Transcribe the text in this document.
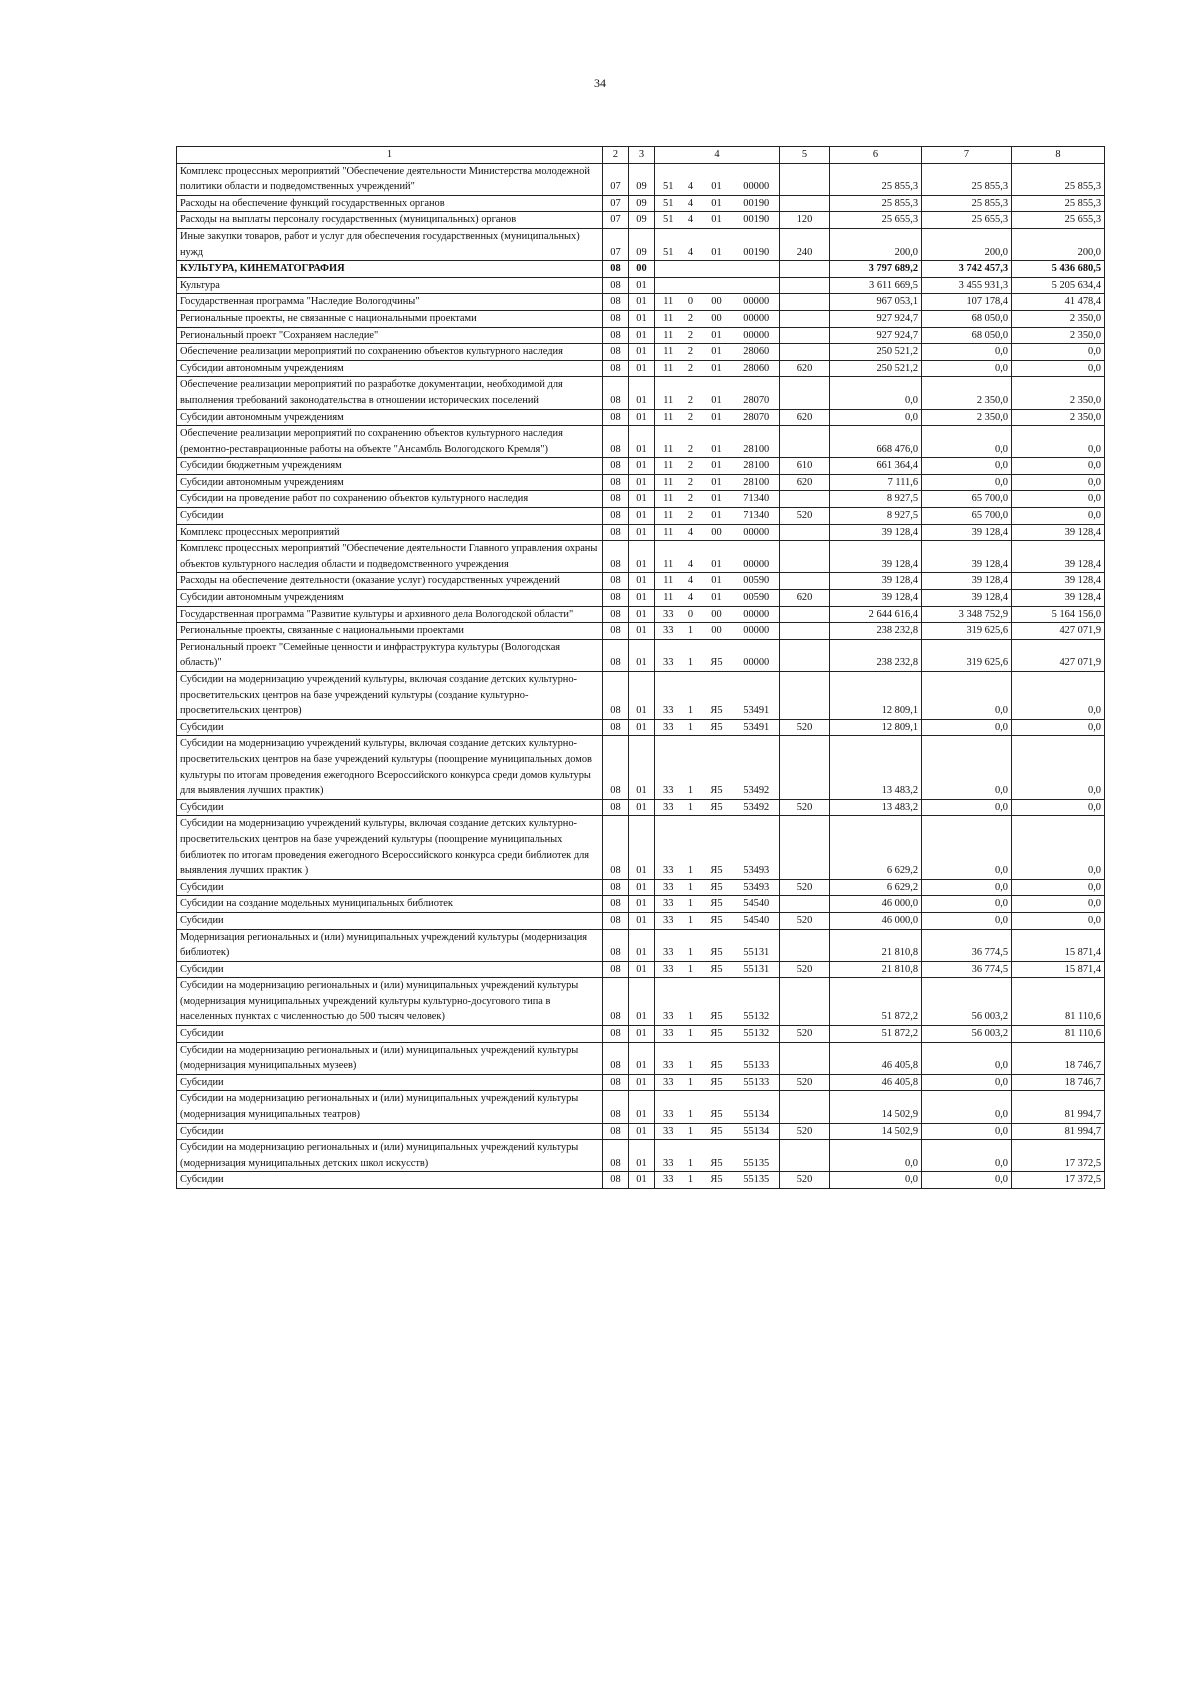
34
1	2	3	4				5	6	7	8
Комплекс процессных мероприятий "Обеспечение деятельности Министерства молодежной политики области и подведомственных учреждений"	07	09	51	4	01	00000		25 855,3	25 855,3	25 855,3
Расходы на обеспечение функций государственных органов	07	09	51	4	01	00190		25 855,3	25 855,3	25 855,3
Расходы на выплаты персоналу государственных (муниципальных) органов	07	09	51	4	01	00190	120	25 655,3	25 655,3	25 655,3
Иные закупки товаров, работ и услуг для обеспечения государственных (муниципальных) нужд	07	09	51	4	01	00190	240	200,0	200,0	200,0
КУЛЬТУРА, КИНЕМАТОГРАФИЯ	08	00						3 797 689,2	3 742 457,3	5 436 680,5
Культура	08	01						3 611 669,5	3 455 931,3	5 205 634,4
Государственная программа "Наследие Вологодчины"	08	01	11	0	00	00000		967 053,1	107 178,4	41 478,4
Региональные проекты, не связанные с национальными проектами	08	01	11	2	00	00000		927 924,7	68 050,0	2 350,0
Региональный проект "Сохраняем наследие"	08	01	11	2	01	00000		927 924,7	68 050,0	2 350,0
Обеспечение реализации мероприятий по сохранению объектов культурного наследия	08	01	11	2	01	28060		250 521,2	0,0	0,0
Субсидии автономным учреждениям	08	01	11	2	01	28060	620	250 521,2	0,0	0,0
Обеспечение реализации мероприятий по разработке документации, необходимой для выполнения требований законодательства в отношении исторических поселений	08	01	11	2	01	28070		0,0	2 350,0	2 350,0
Субсидии автономным учреждениям	08	01	11	2	01	28070	620	0,0	2 350,0	2 350,0
Обеспечение реализации мероприятий по сохранению объектов культурного наследия (ремонтно-реставрационные работы на объекте "Ансамбль Вологодского Кремля")	08	01	11	2	01	28100		668 476,0	0,0	0,0
Субсидии бюджетным учреждениям	08	01	11	2	01	28100	610	661 364,4	0,0	0,0
Субсидии автономным учреждениям	08	01	11	2	01	28100	620	7 111,6	0,0	0,0
Субсидии на проведение работ по сохранению объектов культурного наследия	08	01	11	2	01	71340		8 927,5	65 700,0	0,0
Субсидии	08	01	11	2	01	71340	520	8 927,5	65 700,0	0,0
Комплекс процессных мероприятий	08	01	11	4	00	00000		39 128,4	39 128,4	39 128,4
Комплекс процессных мероприятий "Обеспечение деятельности Главного управления охраны объектов культурного наследия области и подведомственного учреждения	08	01	11	4	01	00000		39 128,4	39 128,4	39 128,4
Расходы на обеспечение деятельности (оказание услуг) государственных учреждений	08	01	11	4	01	00590		39 128,4	39 128,4	39 128,4
Субсидии автономным учреждениям	08	01	11	4	01	00590	620	39 128,4	39 128,4	39 128,4
Государственная программа "Развитие культуры и архивного дела Вологодской области"	08	01	33	0	00	00000		2 644 616,4	3 348 752,9	5 164 156,0
Региональные проекты, связанные с национальными проектами	08	01	33	1	00	00000		238 232,8	319 625,6	427 071,9
Региональный проект "Семейные ценности и инфраструктура культуры (Вологодская область)"	08	01	33	1	Я5	00000		238 232,8	319 625,6	427 071,9
Субсидии на модернизацию учреждений культуры, включая создание детских культурно-просветительских центров на базе учреждений культуры (создание культурно-просветительских центров)	08	01	33	1	Я5	53491		12 809,1	0,0	0,0
Субсидии	08	01	33	1	Я5	53491	520	12 809,1	0,0	0,0
Субсидии на модернизацию учреждений культуры, включая создание детских культурно-просветительских центров на базе учреждений культуры (поощрение муниципальных домов культуры по итогам проведения ежегодного Всероссийского конкурса среди домов культуры для выявления лучших практик)	08	01	33	1	Я5	53492		13 483,2	0,0	0,0
Субсидии	08	01	33	1	Я5	53492	520	13 483,2	0,0	0,0
Субсидии на модернизацию учреждений культуры, включая создание детских культурно- просветительских центров на базе учреждений культуры (поощрение муниципальных библиотек по итогам проведения ежегодного Всероссийского конкурса среди библиотек для выявления лучших практик )	08	01	33	1	Я5	53493		6 629,2	0,0	0,0
Субсидии	08	01	33	1	Я5	53493	520	6 629,2	0,0	0,0
Субсидии на создание модельных муниципальных библиотек	08	01	33	1	Я5	54540		46 000,0	0,0	0,0
Субсидии	08	01	33	1	Я5	54540	520	46 000,0	0,0	0,0
Модернизация региональных и (или) муниципальных учреждений культуры (модернизация библиотек)	08	01	33	1	Я5	55131		21 810,8	36 774,5	15 871,4
Субсидии	08	01	33	1	Я5	55131	520	21 810,8	36 774,5	15 871,4
Субсидии на модернизацию региональных и (или) муниципальных учреждений культуры (модернизация муниципальных учреждений культуры культурно-досугового типа в населенных пунктах с численностью до 500 тысяч человек)	08	01	33	1	Я5	55132		51 872,2	56 003,2	81 110,6
Субсидии	08	01	33	1	Я5	55132	520	51 872,2	56 003,2	81 110,6
Субсидии на модернизацию региональных и (или) муниципальных учреждений культуры (модернизация муниципальных музеев)	08	01	33	1	Я5	55133		46 405,8	0,0	18 746,7
Субсидии	08	01	33	1	Я5	55133	520	46 405,8	0,0	18 746,7
Субсидии на модернизацию региональных и (или) муниципальных учреждений культуры (модернизация муниципальных театров)	08	01	33	1	Я5	55134		14 502,9	0,0	81 994,7
Субсидии	08	01	33	1	Я5	55134	520	14 502,9	0,0	81 994,7
Субсидии на модернизацию региональных и (или) муниципальных учреждений культуры (модернизация муниципальных детских школ искусств)	08	01	33	1	Я5	55135		0,0	0,0	17 372,5
Субсидии	08	01	33	1	Я5	55135	520	0,0	0,0	17 372,5
